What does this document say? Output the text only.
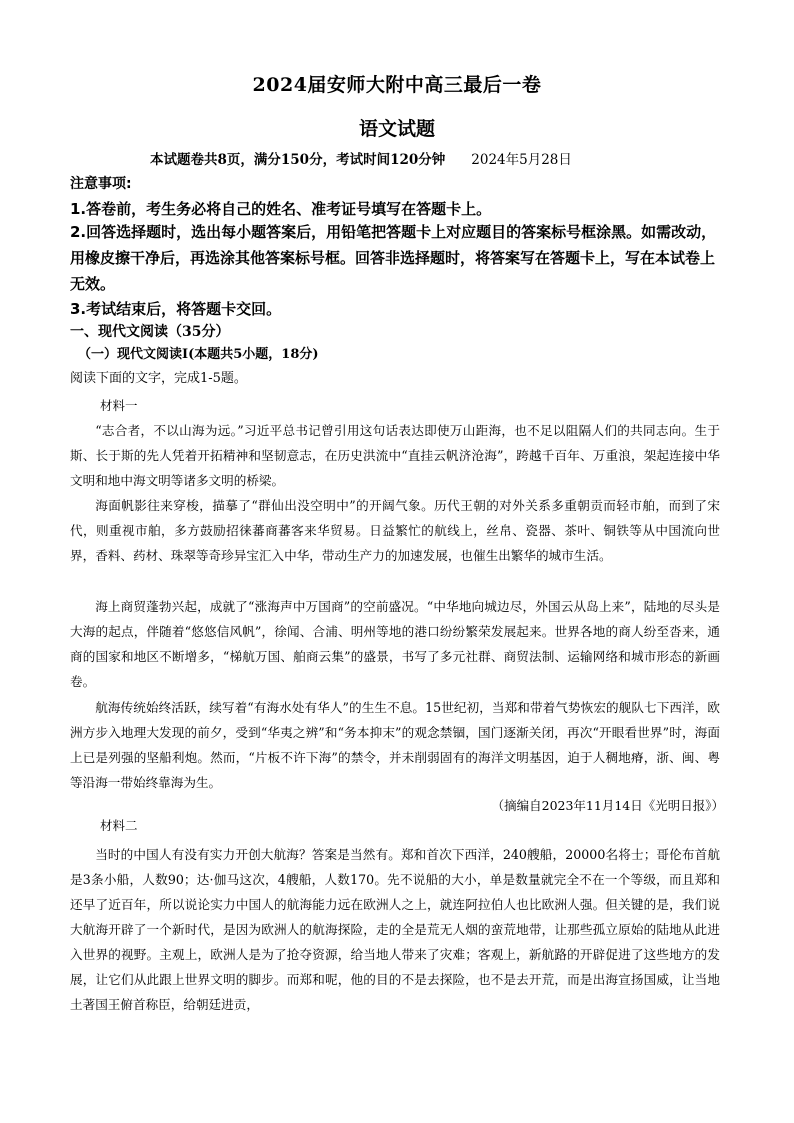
2024届安师大附中高三最后一卷
语文试题
本试题卷共8页，满分150分，考试时间120分钟 2024年5月28日
注意事项:
1.答卷前，考生务必将自己的姓名、准考证号填写在答题卡上。
2.回答选择题时，选出每小题答案后，用铅笔把答题卡上对应题目的答案标号框涂黑。如需改动，用橡皮擦干净后，再选涂其他答案标号框。回答非选择题时，将答案写在答题卡上，写在本试卷上无效。
3.考试结束后，将答题卡交回。
一、现代文阅读（35分）
（一）现代文阅读Ⅰ(本题共5小题，18分)
阅读下面的文字，完成1-5题。
材料一

“志合者，不以山海为远。”习近平总书记曾引用这句话表达即使万山距海，也不足以阻隔人们的共同志向。生于斯、长于斯的先人凭着开拓精神和坚韧意志，在历史洪流中“直挂云帆济沧海”，跨越千百年、万重浪，架起连接中华文明和地中海文明等诸多文明的桥梁。

海面帆影往来穿梭，描摹了“群仙出没空明中”的开阔气象。历代王朝的对外关系多重朝贡而轻市舶，而到了宋代，则重视市舶，多方鼓励招徕蕃商蕃客来华贸易。日益繁忙的航线上，丝帛、瓷器、茶叶、铜铁等从中国流向世界，香料、药材、珠翠等奇珍异宝汇入中华，带动生产力的加速发展，也催生出繁华的城市生活。

海上商贸蓬勃兴起，成就了“涨海声中万国商”的空前盛况。“中华地向城边尽，外国云从岛上来”，陆地的尽头是大海的起点，伴随着“悠悠信风帆”，徐闻、合浦、明州等地的港口纷纷繁荣发展起来。世界各地的商人纷至沓来，通商的国家和地区不断增多，“梯航万国、舶商云集”的盛景，书写了多元社群、商贸法制、运输网络和城市形态的新画卷。

航海传统始终活跃，续写着“有海水处有华人”的生生不息。15世纪初，当郑和带着气势恢宏的舰队七下西洋，欧洲方步入地理大发现的前夕，受到“华夷之辨”和“务本抑末”的观念禁锢，国门逐渐关闭，再次“开眼看世界”时，海面上已是列强的坚船利炮。然而，“片板不许下海”的禁令，并未削弱固有的海洋文明基因，迫于人稠地瘠，浙、闽、粤等沿海一带始终靠海为生。

（摘编自2023年11月14日《光明日报》）
材料二

当时的中国人有没有实力开创大航海？答案是当然有。郑和首次下西洋，240艘船，20000名将士；哥伦布首航是3条小船，人数90；达·伽马这次，4艘船，人数170。先不说船的大小，单是数量就完全不在一个等级，而且郑和还早了近百年，所以说论实力中国人的航海能力远在欧洲人之上，就连阿拉伯人也比欧洲人强。但关键的是，我们说大航海开辟了一个新时代，是因为欧洲人的航海探险，走的全是荒无人烟的蛮荒地带，让那些孤立原始的陆地从此进入世界的视野。主观上，欧洲人是为了抢夺资源，给当地人带来了灾难；客观上，新航路的开辟促进了这些地方的发展，让它们从此跟上世界文明的脚步。而郑和呢，他的目的不是去探险，也不是去开荒，而是出海宣扬国威，让当地土著国王俯首称臣，给朝廷进贡，
